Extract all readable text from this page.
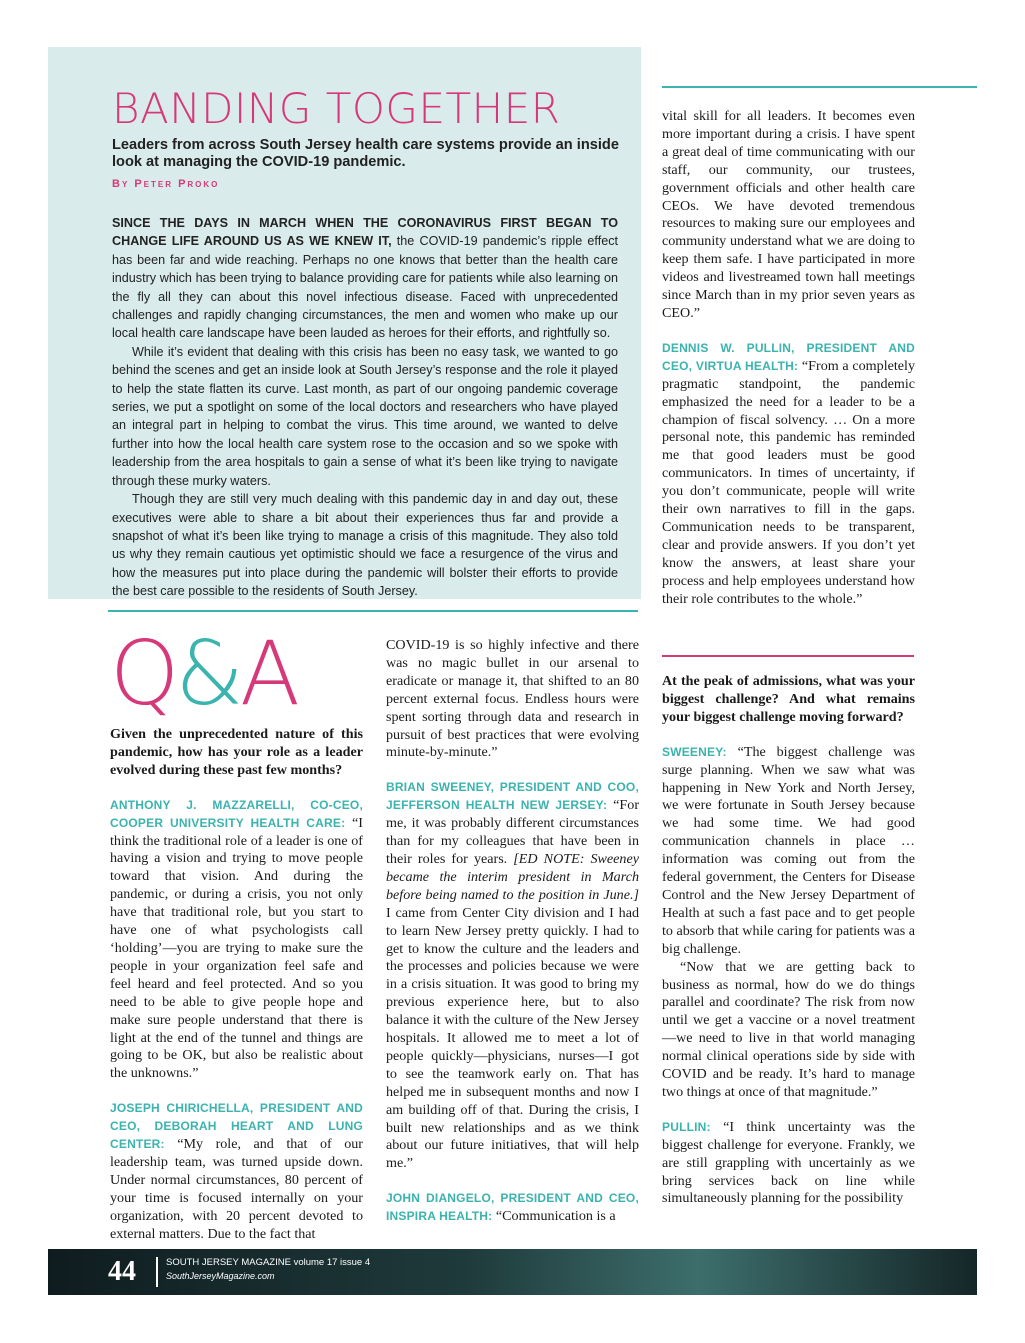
BANDING TOGETHER

Leaders from across South Jersey health care systems provide an inside look at managing the COVID-19 pandemic.

By Peter Proko

SINCE THE DAYS IN MARCH WHEN THE CORONAVIRUS FIRST BEGAN TO CHANGE LIFE AROUND US AS WE KNEW IT, the COVID-19 pandemic’s ripple effect has been far and wide reaching. Perhaps no one knows that better than the health care industry which has been trying to balance providing care for patients while also learning on the fly all they can about this novel infectious disease. Faced with unprecedented challenges and rapidly changing circumstances, the men and women who make up our local health care landscape have been lauded as heroes for their efforts, and rightfully so.

While it’s evident that dealing with this crisis has been no easy task, we wanted to go behind the scenes and get an inside look at South Jersey’s response and the role it played to help the state flatten its curve. Last month, as part of our ongoing pandemic coverage series, we put a spotlight on some of the local doctors and researchers who have played an integral part in helping to combat the virus. This time around, we wanted to delve further into how the local health care system rose to the occasion and so we spoke with leadership from the area hospitals to gain a sense of what it’s been like trying to navigate through these murky waters.

Though they are still very much dealing with this pandemic day in and day out, these executives were able to share a bit about their experiences thus far and provide a snapshot of what it’s been like trying to manage a crisis of this magnitude. They also told us why they remain cautious yet optimistic should we face a resurgence of the virus and how the measures put into place during the pandemic will bolster their efforts to provide the best care possible to the residents of South Jersey.

Q&A

Given the unprecedented nature of this pandemic, how has your role as a leader evolved during these past few months?

ANTHONY J. MAZZARELLI, CO-CEO, COOPER UNIVERSITY HEALTH CARE: “I think the traditional role of a leader is one of having a vision and trying to move people toward that vision. And during the pandemic, or during a crisis, you not only have that traditional role, but you start to have one of what psychologists call ‘holding’—you are trying to make sure the people in your organization feel safe and feel heard and feel protected. And so you need to be able to give people hope and make sure people understand that there is light at the end of the tunnel and things are going to be OK, but also be realistic about the unknowns.”

JOSEPH CHIRICHELLA, PRESIDENT AND CEO, DEBORAH HEART AND LUNG CENTER: “My role, and that of our leadership team, was turned upside down. Under normal circumstances, 80 percent of your time is focused internally on your organization, with 20 percent devoted to external matters. Due to the fact that

COVID-19 is so highly infective and there was no magic bullet in our arsenal to eradicate or manage it, that shifted to an 80 percent external focus. Endless hours were spent sorting through data and research in pursuit of best practices that were evolving minute-by-minute.”

BRIAN SWEENEY, PRESIDENT AND COO, JEFFERSON HEALTH NEW JERSEY: “For me, it was probably different circumstances than for my colleagues that have been in their roles for years. [ED NOTE: Sweeney became the interim president in March before being named to the position in June.] I came from Center City division and I had to learn New Jersey pretty quickly. I had to get to know the culture and the leaders and the processes and policies because we were in a crisis situation. It was good to bring my previous experience here, but to also balance it with the culture of the New Jersey hospitals. It allowed me to meet a lot of people quickly—physicians, nurses—I got to see the teamwork early on. That has helped me in subsequent months and now I am building off of that. During the crisis, I built new relationships and as we think about our future initiatives, that will help me.”

JOHN DIANGELO, PRESIDENT AND CEO, INSPIRA HEALTH: “Communication is a

vital skill for all leaders. It becomes even more important during a crisis. I have spent a great deal of time communicating with our staff, our community, our trustees, government officials and other health care CEOs. We have devoted tremendous resources to making sure our employees and community understand what we are doing to keep them safe. I have participated in more videos and livestreamed town hall meetings since March than in my prior seven years as CEO.”

DENNIS W. PULLIN, PRESIDENT AND CEO, VIRTUA HEALTH: “From a completely pragmatic standpoint, the pandemic emphasized the need for a leader to be a champion of fiscal solvency. … On a more personal note, this pandemic has reminded me that good leaders must be good communicators. In times of uncertainty, if you don’t communicate, people will write their own narratives to fill in the gaps. Communication needs to be transparent, clear and provide answers. If you don’t yet know the answers, at least share your process and help employees understand how their role contributes to the whole.”

At the peak of admissions, what was your biggest challenge? And what remains your biggest challenge moving forward?

SWEENEY: “The biggest challenge was surge planning. When we saw what was happening in New York and North Jersey, we were fortunate in South Jersey because we had some time. We had good communication channels in place … information was coming out from the federal government, the Centers for Disease Control and the New Jersey Department of Health at such a fast pace and to get people to absorb that while caring for patients was a big challenge.

“Now that we are getting back to business as normal, how do we do things parallel and coordinate? The risk from now until we get a vaccine or a novel treatment—we need to live in that world managing normal clinical operations side by side with COVID and be ready. It’s hard to manage two things at once of that magnitude.”

PULLIN: “I think uncertainty was the biggest challenge for everyone. Frankly, we are still grappling with uncertainly as we bring services back on line while simultaneously planning for the possibility

44	SOUTH JERSEY MAGAZINE volume 17 issue 4
SouthJerseyMagazine.com
